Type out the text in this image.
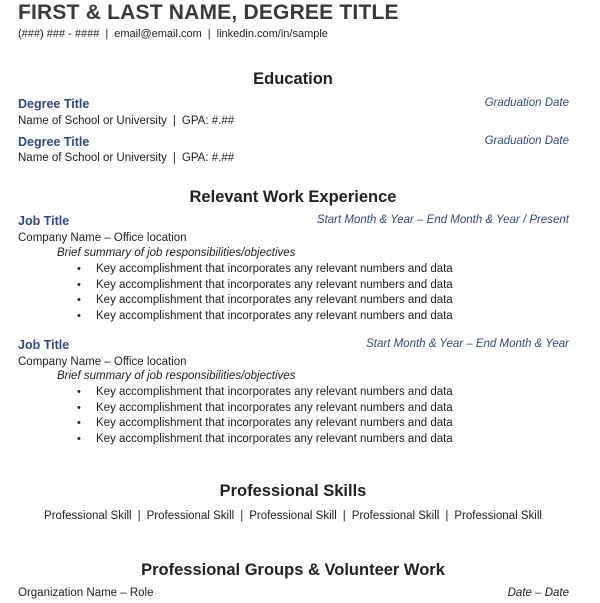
FIRST & LAST NAME, DEGREE TITLE
(###) ### - #### | email@email.com | linkedin.com/in/sample
Education
Degree Title	Graduation Date
Name of School or University | GPA: #.##
Degree Title	Graduation Date
Name of School or University | GPA: #.##
Relevant Work Experience
Job Title	Start Month & Year – End Month & Year / Present
Company Name – Office location
Brief summary of job responsibilities/objectives
• Key accomplishment that incorporates any relevant numbers and data
• Key accomplishment that incorporates any relevant numbers and data
• Key accomplishment that incorporates any relevant numbers and data
• Key accomplishment that incorporates any relevant numbers and data
Job Title	Start Month & Year – End Month & Year
Company Name – Office location
Brief summary of job responsibilities/objectives
• Key accomplishment that incorporates any relevant numbers and data
• Key accomplishment that incorporates any relevant numbers and data
• Key accomplishment that incorporates any relevant numbers and data
• Key accomplishment that incorporates any relevant numbers and data
Professional Skills
Professional Skill | Professional Skill | Professional Skill | Professional Skill | Professional Skill
Professional Groups & Volunteer Work
Organization Name – Role	Date – Date
